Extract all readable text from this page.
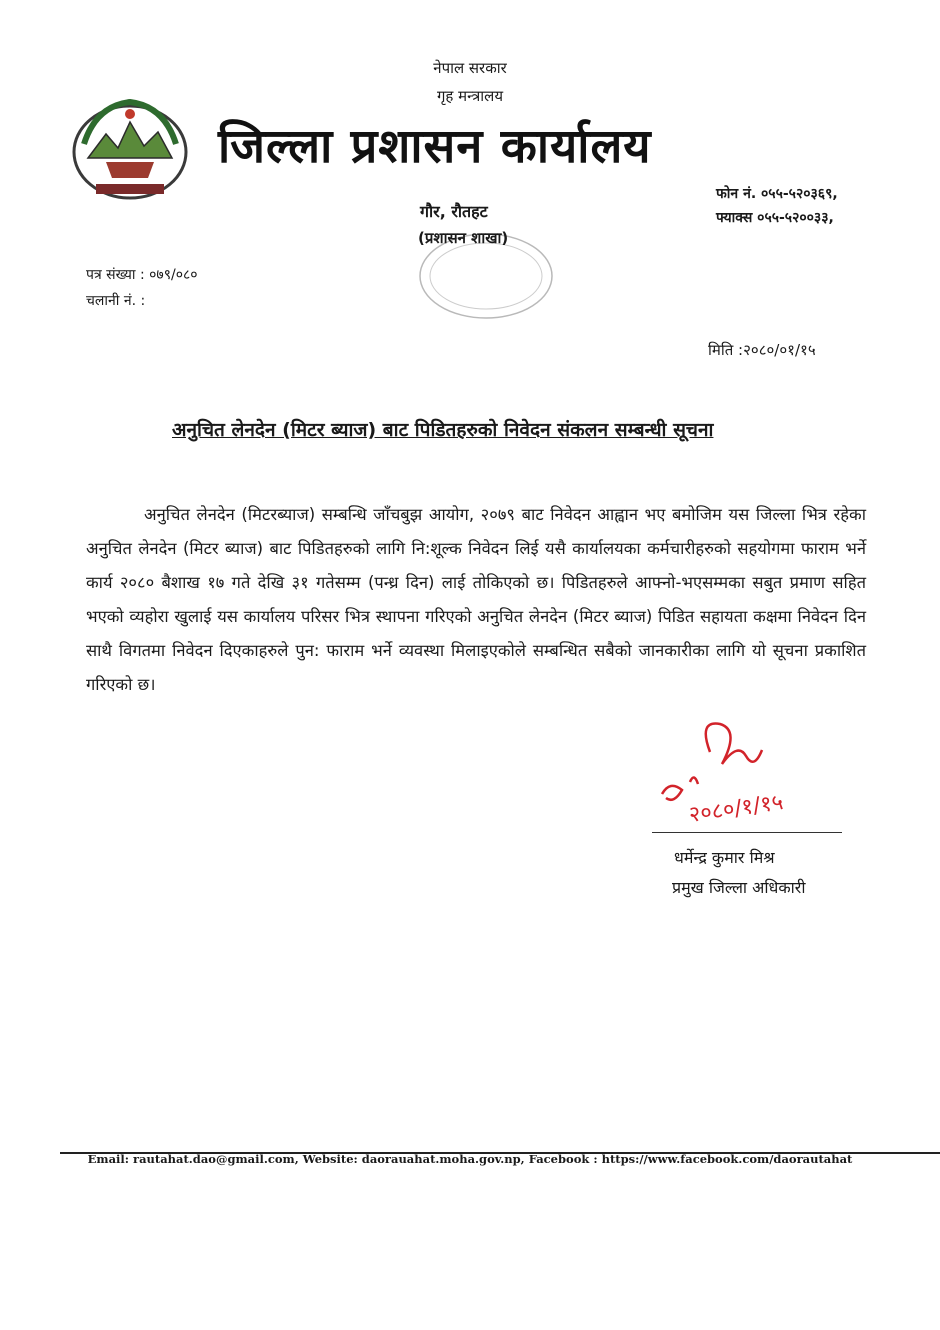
नेपाल सरकार
गृह मन्त्रालय
जिल्ला प्रशासन कार्यालय
फोन नं. ०५५-५२०३६९,
फ्याक्स ०५५-५२००३३,
गौर, रौतहट
(प्रशासन शाखा)
पत्र संख्या : ०७९/०८०
चलानी नं. :
मिति :२०८०/०१/१५
अनुचित लेनदेन (मिटर ब्याज) बाट पिडितहरुको निवेदन संकलन सम्बन्धी सूचना
अनुचित लेनदेन (मिटरब्याज) सम्बन्धि जाँचबुझ आयोग, २०७९ बाट निवेदन आह्वान भए बमोजिम यस जिल्ला भित्र रहेका अनुचित लेनदेन (मिटर ब्याज) बाट पिडितहरुको लागि नि:शूल्क निवेदन लिई यसै कार्यालयका कर्मचारीहरुको सहयोगमा फाराम भर्ने कार्य २०८० बैशाख १७ गते देखि ३१ गतेसम्म (पन्ध्र दिन) लाई तोकिएको छ। पिडितहरुले आफ्नो-भएसम्मका सबुत प्रमाण सहित भएको व्यहोरा खुलाई यस कार्यालय परिसर भित्र स्थापना गरिएको अनुचित लेनदेन (मिटर ब्याज) पिडित सहायता कक्षमा निवेदन दिन साथै विगतमा निवेदन दिएकाहरुले पुन: फाराम भर्ने व्यवस्था मिलाइएकोले सम्बन्धित सबैको जानकारीका लागि यो सूचना प्रकाशित गरिएको छ।
२०८०/१/१५
धर्मेन्द्र कुमार मिश्र
प्रमुख जिल्ला अधिकारी
Email: rautahat.dao@gmail.com, Website: daorauahat.moha.gov.np, Facebook : https://www.facebook.com/daorautahat
